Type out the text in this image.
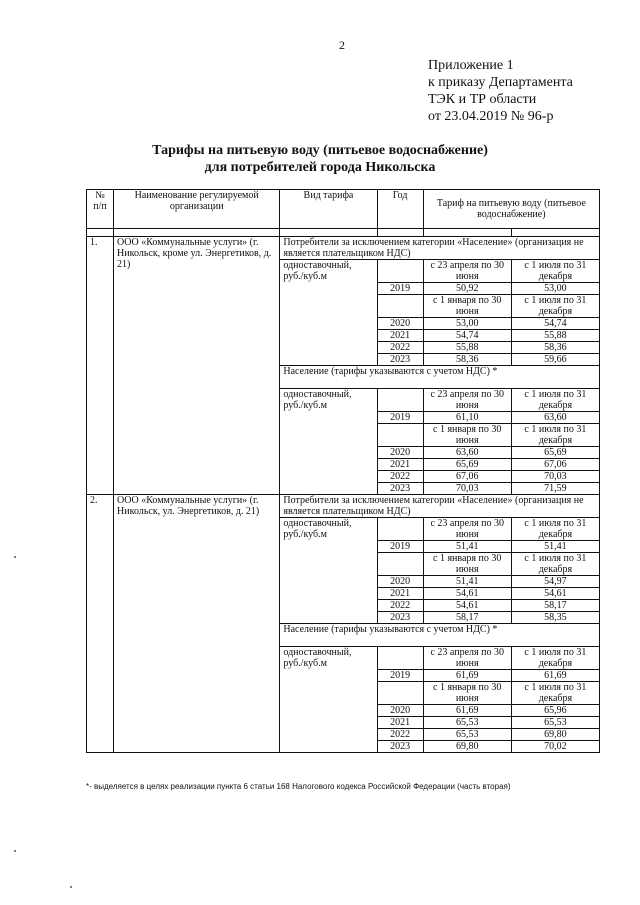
2
Приложение 1
к приказу Департамента
ТЭК и ТР области
от 23.04.2019 № 96-р
Тарифы на питьевую воду (питьевое водоснабжение)
для потребителей города Никольска
№ п/п	Наименование регулируемой организации	Вид тарифа	Год	Тариф на питьевую воду (питьевое водоснабжение)	

1.	ООО «Коммунальные услуги» (г. Никольск, кроме ул. Энергетиков, д. 21)	Потребители за исключением категории «Население» (организация не является плательщиком НДС)			
		одноставочный, руб./куб.м		с 23 апреля по 30 июня	с 1 июля по 31 декабря
			2019	50,92	53,00
				с 1 января по 30 июня	с 1 июля по 31 декабря
			2020	53,00	54,74
			2021	54,74	55,88
			2022	55,88	58,36
			2023	58,36	59,66
		Население (тарифы указываются с учетом НДС) *			
		одноставочный, руб./куб.м		с 23 апреля по 30 июня	с 1 июля по 31 декабря
			2019	61,10	63,60
				с 1 января по 30 июня	с 1 июля по 31 декабря
			2020	63,60	65,69
			2021	65,69	67,06
			2022	67,06	70,03
			2023	70,03	71,59
2.	ООО «Коммунальные услуги» (г. Никольск, ул. Энергетиков, д. 21)	Потребители за исключением категории «Население» (организация не является плательщиком НДС)			
		одноставочный, руб./куб.м		с 23 апреля по 30 июня	с 1 июля по 31 декабря
			2019	51,41	51,41
				с 1 января по 30 июня	с 1 июля по 31 декабря
			2020	51,41	54,97
			2021	54,61	54,61
			2022	54,61	58,17
			2023	58,17	58,35
		Население (тарифы указываются с учетом НДС) *			
		одноставочный, руб./куб.м		с 23 апреля по 30 июня	с 1 июля по 31 декабря
			2019	61,69	61,69
				с 1 января по 30 июня	с 1 июля по 31 декабря
			2020	61,69	65,96
			2021	65,53	65,53
			2022	65,53	69,80
			2023	69,80	70,02
*- выделяется в целях реализации пункта 6 статьи 168 Налогового кодекса Российской Федерации (часть вторая)
